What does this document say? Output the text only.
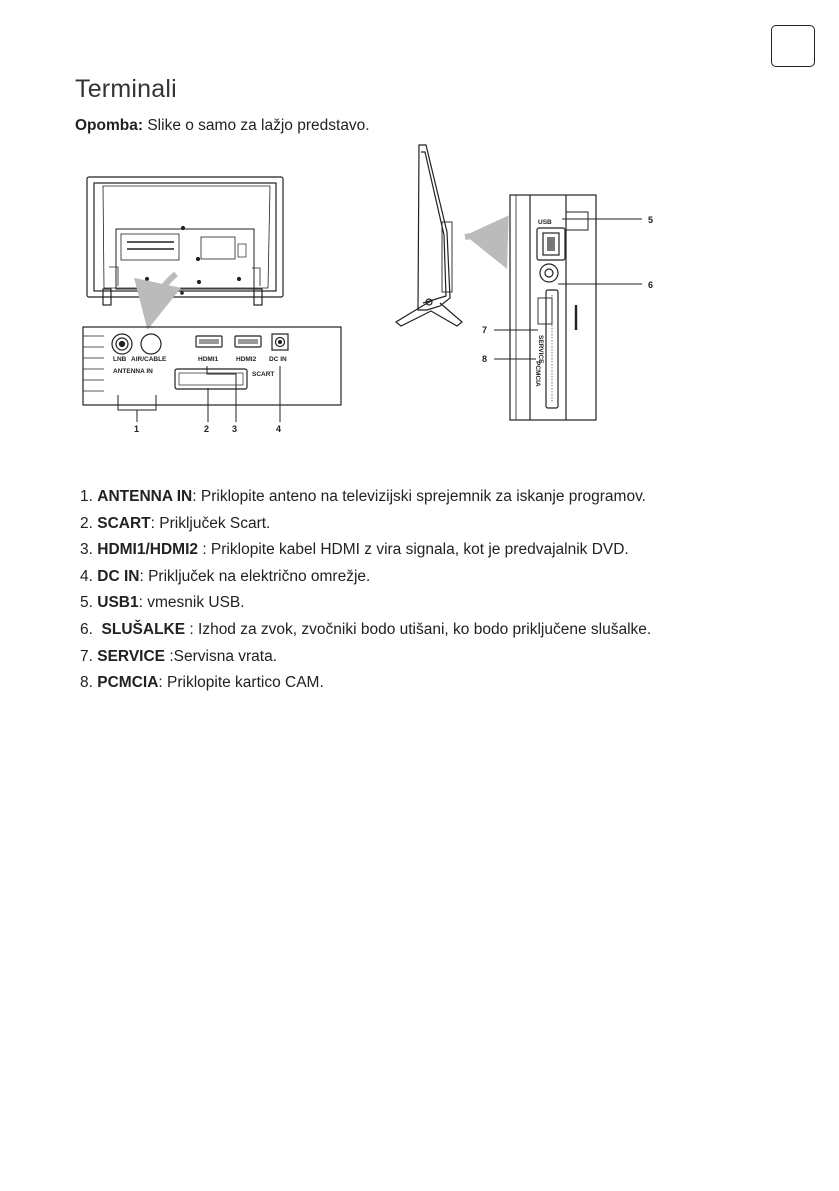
Terminali

Opomba: Slike o samo za lažjo predstavo.

LNB AIR/CABLE
ANTENNA IN
HDMI1	HDMI2 DC IN
SCART
1	2	3	4
USB
SERVICE
PCMCIA
5
6
7
8
1. ANTENNA IN: Priklopite anteno na televizijski sprejemnik za iskanje programov.
2. SCART: Priključek Scart.
3. HDMI1/HDMI2 : Priklopite kabel HDMI z vira signala, kot je predvajalnik DVD.
4. DC IN: Priključek na električno omrežje.
5. USB1: vmesnik USB.
6.  SLUŠALKE : Izhod za zvok, zvočniki bodo utišani, ko bodo priključene slušalke.
7. SERVICE :Servisna vrata.
8. PCMCIA: Priklopite kartico CAM.
